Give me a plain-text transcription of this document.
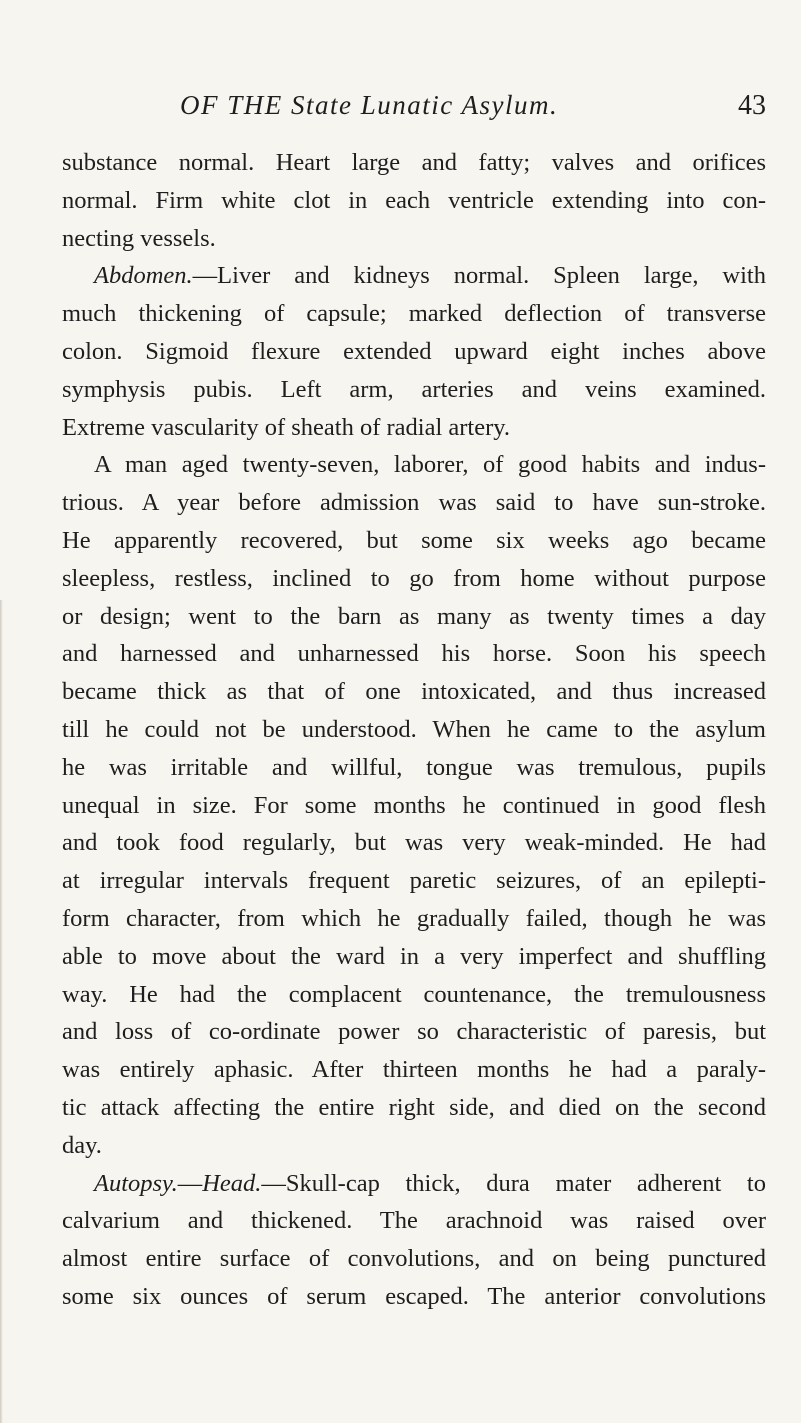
OF THE State Lunatic Asylum.	43
substance normal. Heart large and fatty; valves and orifices
normal. Firm white clot in each ventricle extending into con-
necting vessels.
Abdomen.—Liver and kidneys normal. Spleen large, with
much thickening of capsule; marked deflection of transverse
colon. Sigmoid flexure extended upward eight inches above
symphysis pubis. Left arm, arteries and veins examined.
Extreme vascularity of sheath of radial artery.
A man aged twenty-seven, laborer, of good habits and indus-
trious. A year before admission was said to have sun-stroke.
He apparently recovered, but some six weeks ago became
sleepless, restless, inclined to go from home without purpose
or design; went to the barn as many as twenty times a day
and harnessed and unharnessed his horse. Soon his speech
became thick as that of one intoxicated, and thus increased
till he could not be understood. When he came to the asylum
he was irritable and willful, tongue was tremulous, pupils
unequal in size. For some months he continued in good flesh
and took food regularly, but was very weak-minded. He had
at irregular intervals frequent paretic seizures, of an epilepti-
form character, from which he gradually failed, though he was
able to move about the ward in a very imperfect and shuffling
way. He had the complacent countenance, the tremulousness
and loss of co-ordinate power so characteristic of paresis, but
was entirely aphasic. After thirteen months he had a paraly-
tic attack affecting the entire right side, and died on the second
day.
Autopsy.—Head.—Skull-cap thick, dura mater adherent to
calvarium and thickened. The arachnoid was raised over
almost entire surface of convolutions, and on being punctured
some six ounces of serum escaped. The anterior convolutions
